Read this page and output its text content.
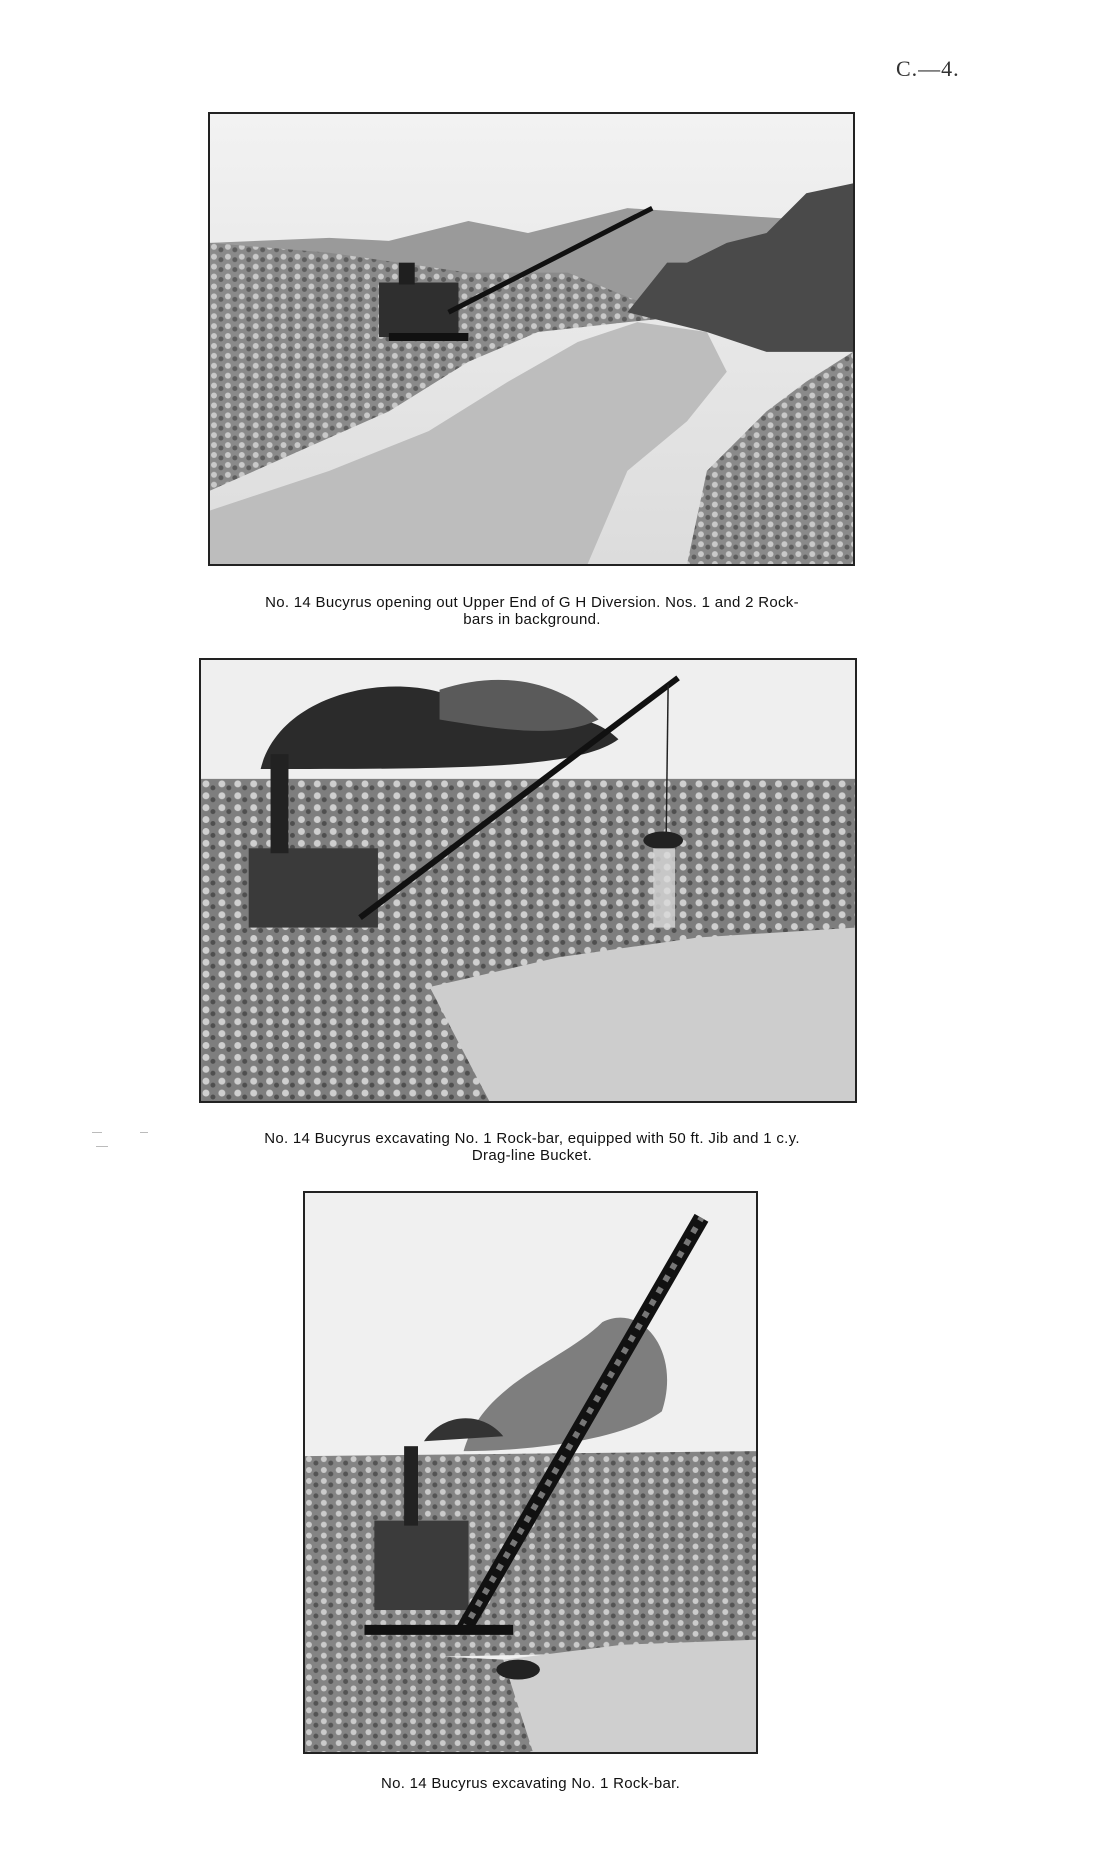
C.—4.
No. 14 Bucyrus opening out Upper End of G H Diversion. Nos. 1 and 2 Rock-
bars in background.
No. 14 Bucyrus excavating No. 1 Rock-bar, equipped with 50 ft. Jib and 1 c.y.
Drag-line Bucket.
No. 14 Bucyrus excavating No. 1 Rock-bar.
